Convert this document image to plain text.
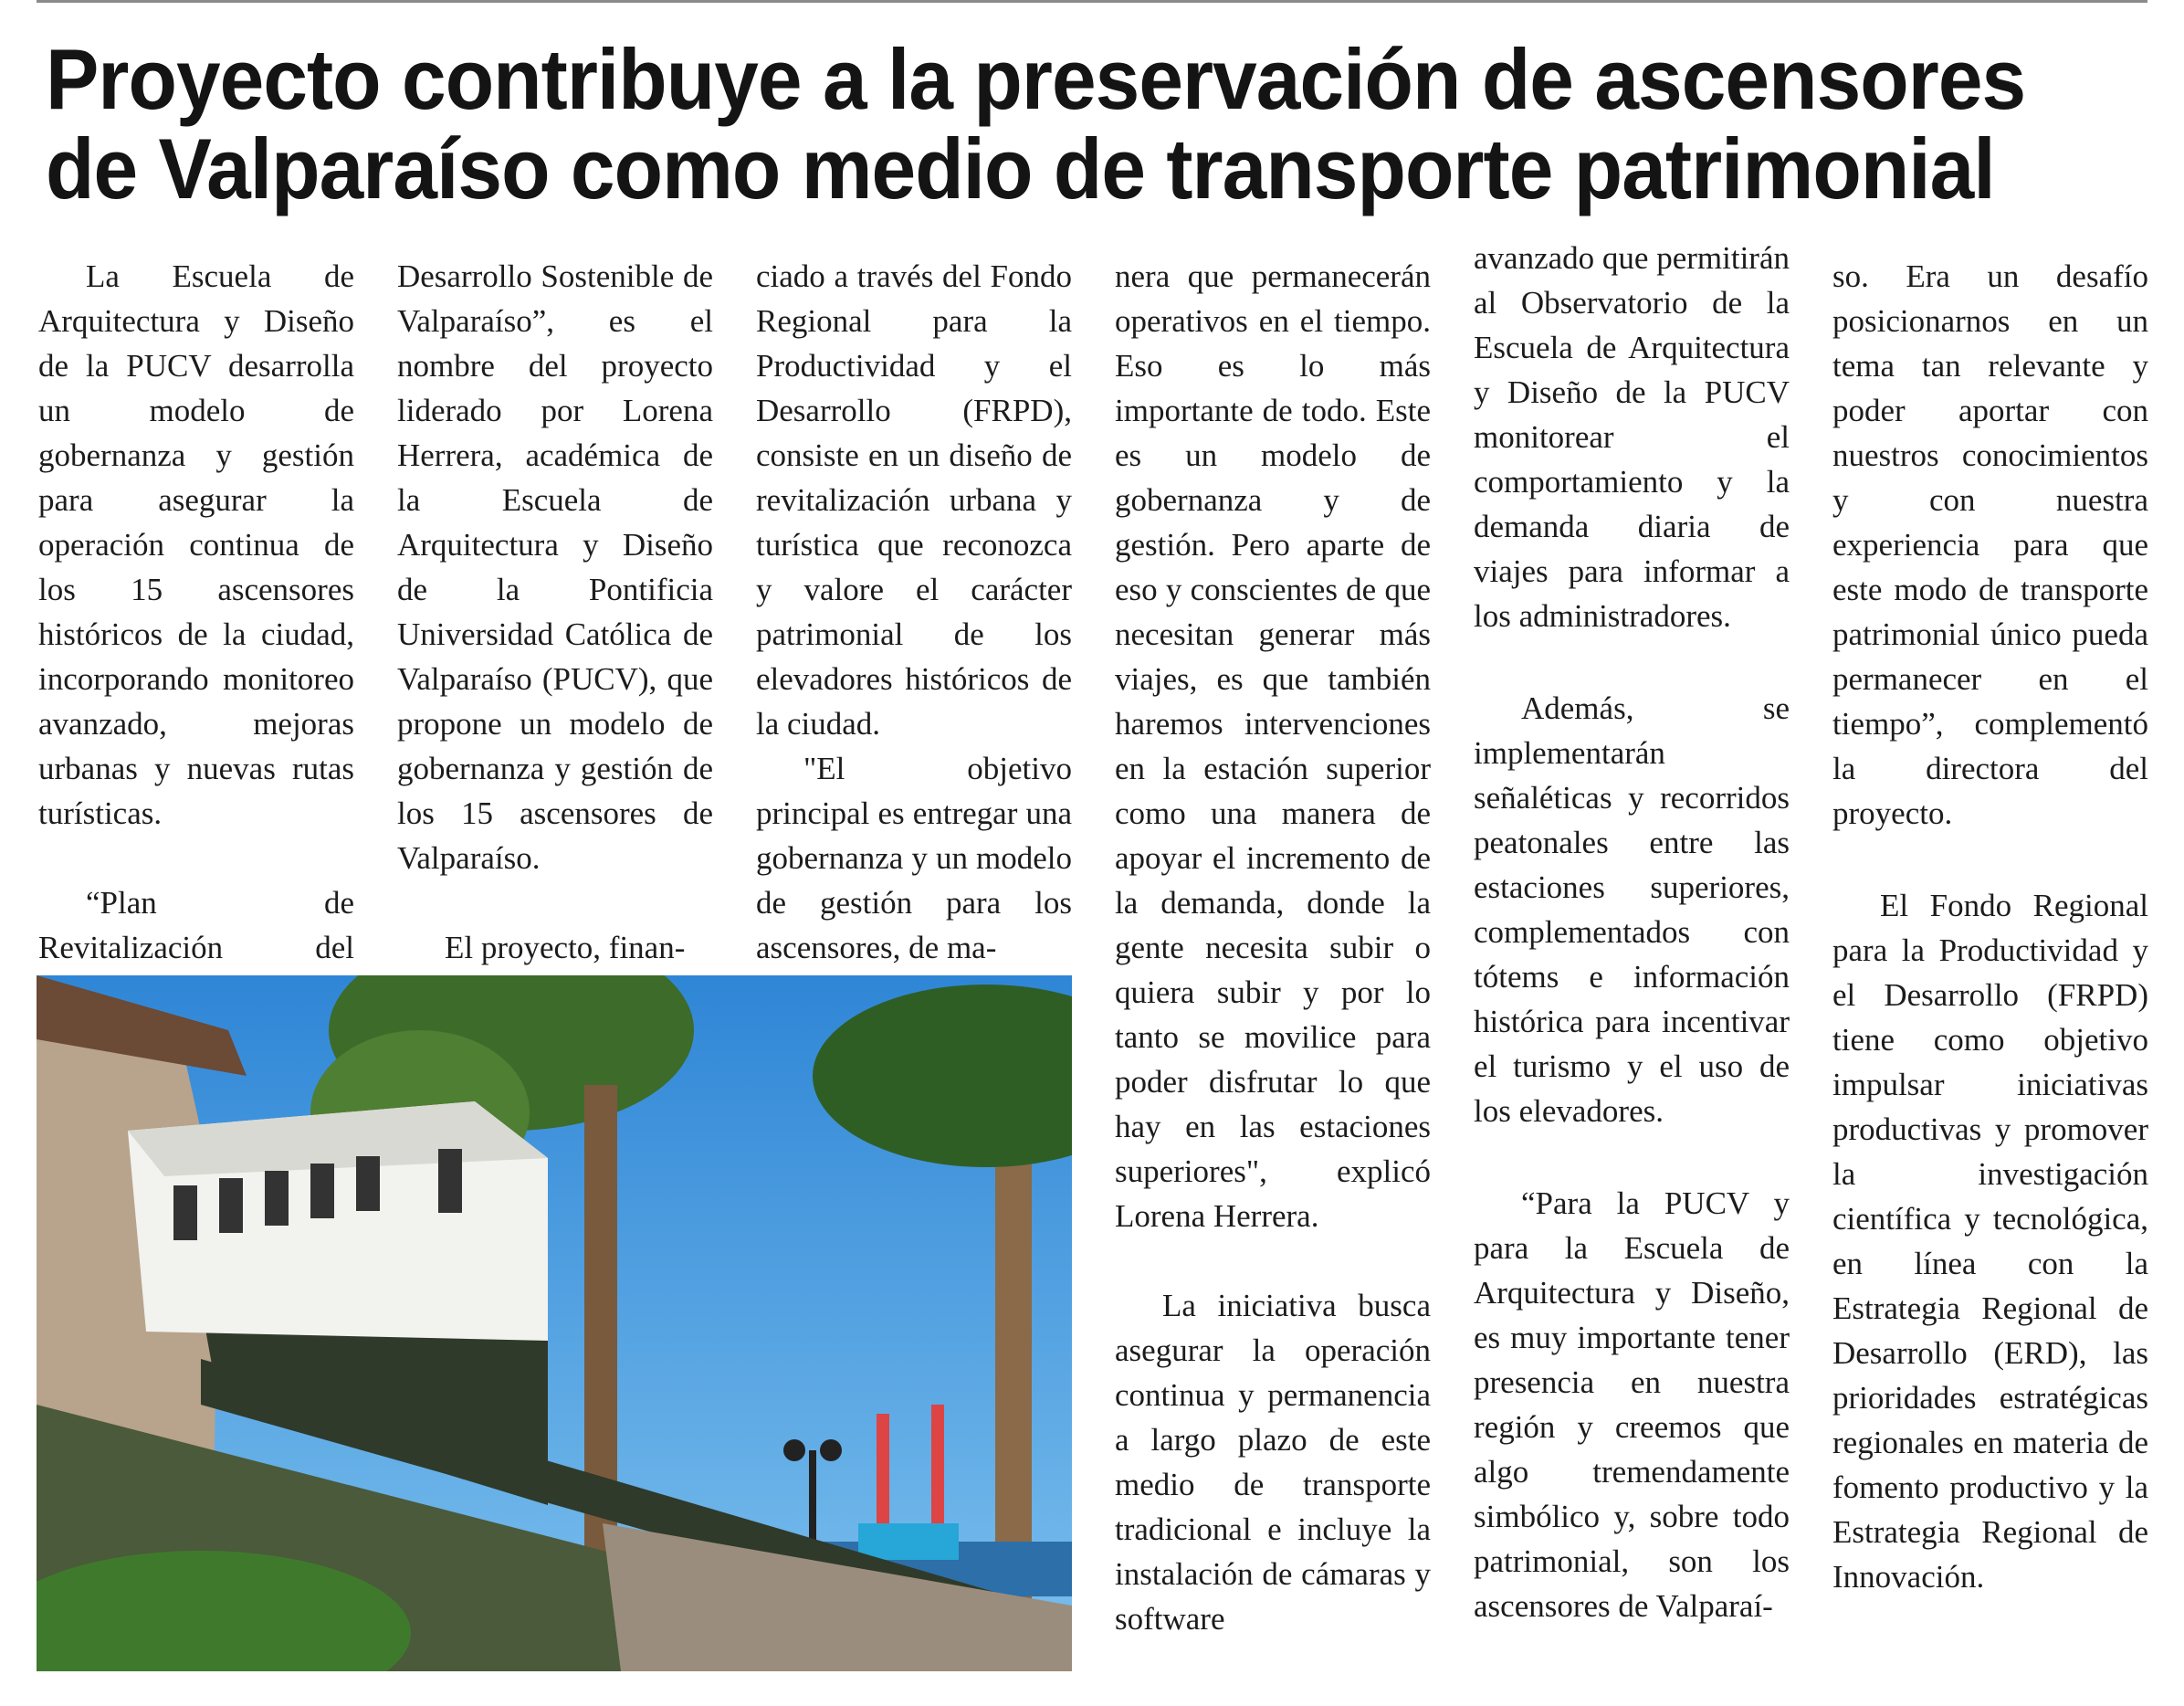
Proyecto contribuye a la preservación de ascensores
de Valparaíso como medio de transporte patrimonial

La Escuela de Arquitectura y Diseño de la PUCV desarrolla un modelo de gobernanza y gestión para asegurar la operación continua de los 15 ascensores históricos de la ciudad, incorporando monitoreo avanzado, mejoras urbanas y nuevas rutas turísticas.

“Plan de Revitalización del

Desarrollo Sostenible de Valparaíso”, es el nombre del proyecto liderado por Lorena Herrera, académica de la Escuela de Arquitectura y Diseño de la Pontificia Universidad Católica de Valparaíso (PUCV), que propone un modelo de gobernanza y gestión de los 15 ascensores de Valparaíso.

El proyecto, finan-

ciado a través del Fondo Regional para la Productividad y el Desarrollo (FRPD), consiste en un diseño de revitalización urbana y turística que reconozca y valore el carácter patrimonial de los elevadores históricos de la ciudad.

"El objetivo principal es entregar una gobernanza y un modelo de gestión para los ascensores, de ma-

nera que permanecerán operativos en el tiempo. Eso es lo más importante de todo. Este es un modelo de gobernanza y de gestión. Pero aparte de eso y conscientes de que necesitan generar más viajes, es que también haremos intervenciones en la estación superior como una manera de apoyar el incremento de la demanda, donde la gente necesita subir o quiera subir y por lo tanto se movilice para poder disfrutar lo que hay en las estaciones superiores", explicó Lorena Herrera.

La iniciativa busca asegurar la operación continua y permanencia a largo plazo de este medio de transporte tradicional e incluye la instalación de cámaras y software

avanzado que permitirán al Observatorio de la Escuela de Arquitectura y Diseño de la PUCV monitorear el comportamiento y la demanda diaria de viajes para informar a los administradores.

Además, se implementarán señaléticas y recorridos peatonales entre las estaciones superiores, complementados con tótems e información histórica para incentivar el turismo y el uso de los elevadores.

“Para la PUCV y para la Escuela de Arquitectura y Diseño, es muy importante tener presencia en nuestra región y creemos que algo tremendamente simbólico y, sobre todo patrimonial, son los ascensores de Valparaí-

so. Era un desafío posicionarnos en un tema tan relevante y poder aportar con nuestros conocimientos y con nuestra experiencia para que este modo de transporte patrimonial único pueda permanecer en el tiempo”, complementó la directora del proyecto.

El Fondo Regional para la Productividad y el Desarrollo (FRPD) tiene como objetivo impulsar iniciativas productivas y promover la investigación científica y tecnológica, en línea con la Estrategia Regional de Desarrollo (ERD), las prioridades estratégicas regionales en materia de fomento productivo y la Estrategia Regional de Innovación.
